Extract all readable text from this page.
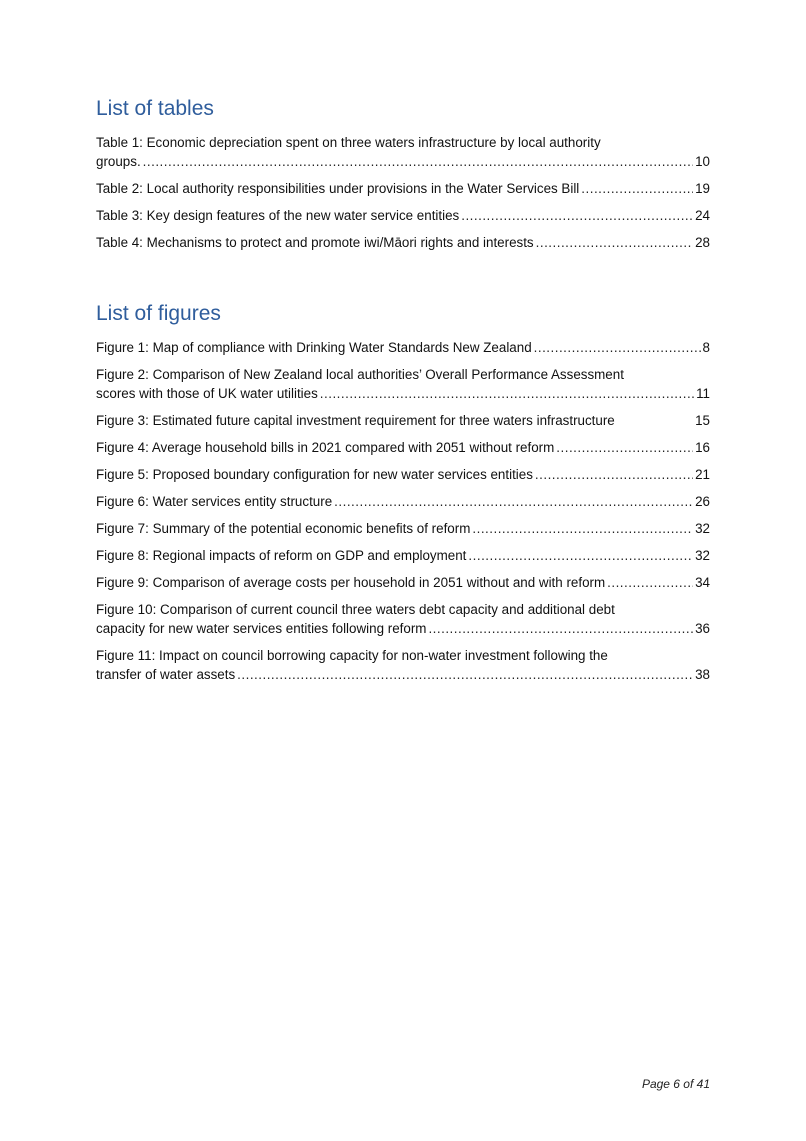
List of tables
Table 1: Economic depreciation spent on three waters infrastructure by local authority
groups. .....	10
Table 2: Local authority responsibilities under provisions in the Water Services Bill .....	19
Table 3: Key design features of the new water service entities .....	24
Table 4: Mechanisms to protect and promote iwi/Māori rights and interests .....	28
List of figures
Figure 1: Map of compliance with Drinking Water Standards New Zealand .....	8
Figure 2: Comparison of New Zealand local authorities’ Overall Performance Assessment
scores with those of UK water utilities .....	11
Figure 3: Estimated future capital investment requirement for three waters infrastructure	15
Figure 4: Average household bills in 2021 compared with 2051 without reform .....	16
Figure 5: Proposed boundary configuration for new water services entities .....	21
Figure 6: Water services entity structure .....	26
Figure 7: Summary of the potential economic benefits of reform .....	32
Figure 8: Regional impacts of reform on GDP and employment .....	32
Figure 9: Comparison of average costs per household in 2051 without and with reform .....	34
Figure 10: Comparison of current council three waters debt capacity and additional debt
capacity for new water services entities following reform .....	36
Figure 11: Impact on council borrowing capacity for non-water investment following the
transfer of water assets .....	38
Page 6 of 41
